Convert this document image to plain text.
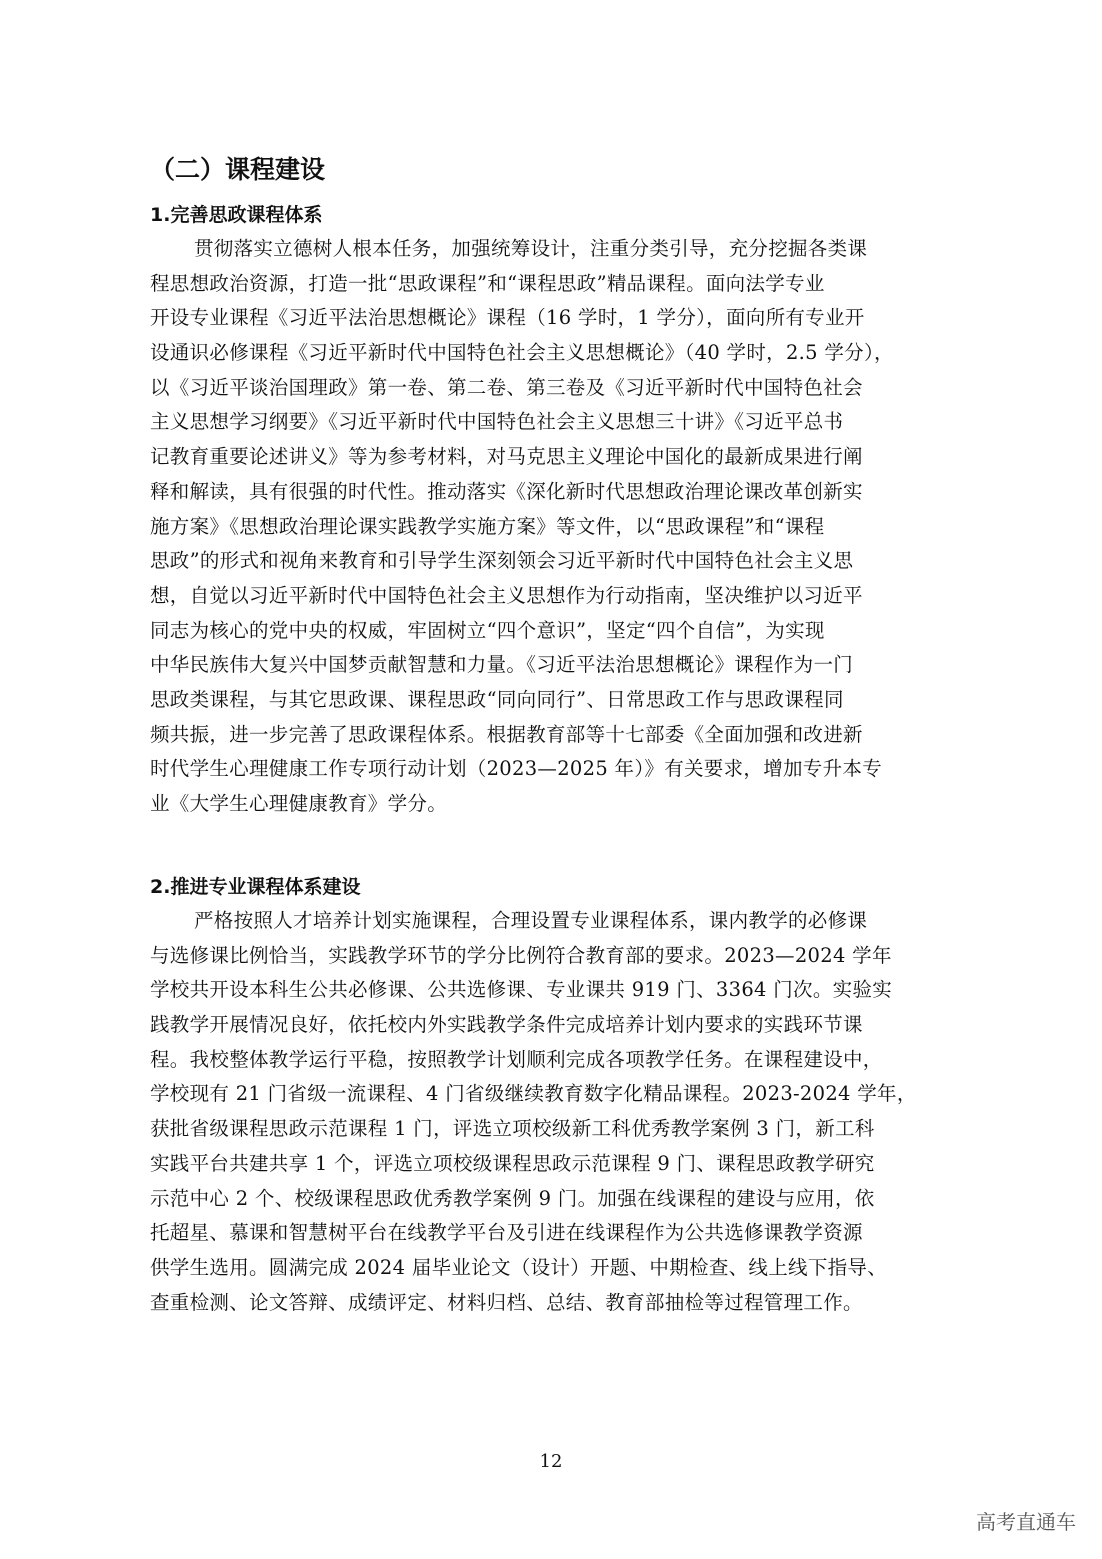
（二）课程建设
1.完善思政课程体系
贯彻落实立德树人根本任务，加强统筹设计，注重分类引导，充分挖掘各类课
程思想政治资源，打造一批“思政课程”和“课程思政”精品课程。面向法学专业
开设专业课程《习近平法治思想概论》课程（16 学时，1 学分），面向所有专业开
设通识必修课程《习近平新时代中国特色社会主义思想概论》（40 学时，2.5 学分），
以《习近平谈治国理政》第一卷、第二卷、第三卷及《习近平新时代中国特色社会
主义思想学习纲要》《习近平新时代中国特色社会主义思想三十讲》《习近平总书
记教育重要论述讲义》等为参考材料，对马克思主义理论中国化的最新成果进行阐
释和解读，具有很强的时代性。推动落实《深化新时代思想政治理论课改革创新实
施方案》《思想政治理论课实践教学实施方案》等文件，以“思政课程”和“课程
思政”的形式和视角来教育和引导学生深刻领会习近平新时代中国特色社会主义思
想，自觉以习近平新时代中国特色社会主义思想作为行动指南，坚决维护以习近平
同志为核心的党中央的权威，牢固树立“四个意识”，坚定“四个自信”，为实现
中华民族伟大复兴中国梦贡献智慧和力量。《习近平法治思想概论》课程作为一门
思政类课程，与其它思政课、课程思政“同向同行”、日常思政工作与思政课程同
频共振，进一步完善了思政课程体系。根据教育部等十七部委《全面加强和改进新
时代学生心理健康工作专项行动计划（2023—2025 年）》有关要求，增加专升本专
业《大学生心理健康教育》学分。
2.推进专业课程体系建设
严格按照人才培养计划实施课程，合理设置专业课程体系，课内教学的必修课
与选修课比例恰当，实践教学环节的学分比例符合教育部的要求。2023—2024 学年
学校共开设本科生公共必修课、公共选修课、专业课共 919 门、3364 门次。实验实
践教学开展情况良好，依托校内外实践教学条件完成培养计划内要求的实践环节课
程。我校整体教学运行平稳，按照教学计划顺利完成各项教学任务。在课程建设中，
学校现有 21 门省级一流课程、4 门省级继续教育数字化精品课程。2023-2024 学年，
获批省级课程思政示范课程 1 门，评选立项校级新工科优秀教学案例 3 门，新工科
实践平台共建共享 1 个，评选立项校级课程思政示范课程 9 门、课程思政教学研究
示范中心 2 个、校级课程思政优秀教学案例 9 门。加强在线课程的建设与应用，依
托超星、慕课和智慧树平台在线教学平台及引进在线课程作为公共选修课教学资源
供学生选用。圆满完成 2024 届毕业论文（设计）开题、中期检查、线上线下指导、
查重检测、论文答辩、成绩评定、材料归档、总结、教育部抽检等过程管理工作。
12
高考直通车
